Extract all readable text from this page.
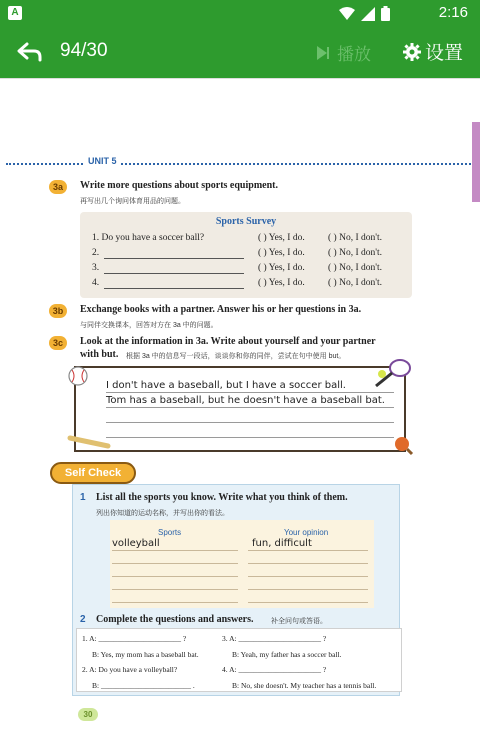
A	2:16
94/30	播放	设置
UNIT 5
3a	Write more questions about sports equipment.
再写出几个询问体育用品的问题。
Sports Survey
1. Do you have a soccer ball?	( ) Yes, I do. ( ) No, I don't.
2.	( ) Yes, I do. ( ) No, I don't.
3.	( ) Yes, I do. ( ) No, I don't.
4.	( ) Yes, I do. ( ) No, I don't.
3b	Exchange books with a partner. Answer his or her questions in 3a.
与同伴交换课本，回答对方在 3a 中的问题。
3c	Look at the information in 3a. Write about yourself and your partner
with but. 根据 3a 中的信息写一段话，谈谈你和你的同伴，尝试在句中使用 but。
I don't have a baseball, but I have a soccer ball.
Tom has a baseball, but he doesn't have a baseball bat.
Self Check
1 List all the sports you know. Write what you think of them.
列出你知道的运动名称，并写出你的看法。
Sports	Your opinion
volleyball	fun, difficult
2 Complete the questions and answers. 补全问句或答语。
1. A: ______________________ ?
B: Yes, my mom has a baseball bat.
2. A: Do you have a volleyball?
B: ________________________ .
3. A: ______________________ ?
B: Yeah, my father has a soccer ball.
4. A: ______________________ ?
B: No, she doesn't. My teacher has a tennis ball.
30
